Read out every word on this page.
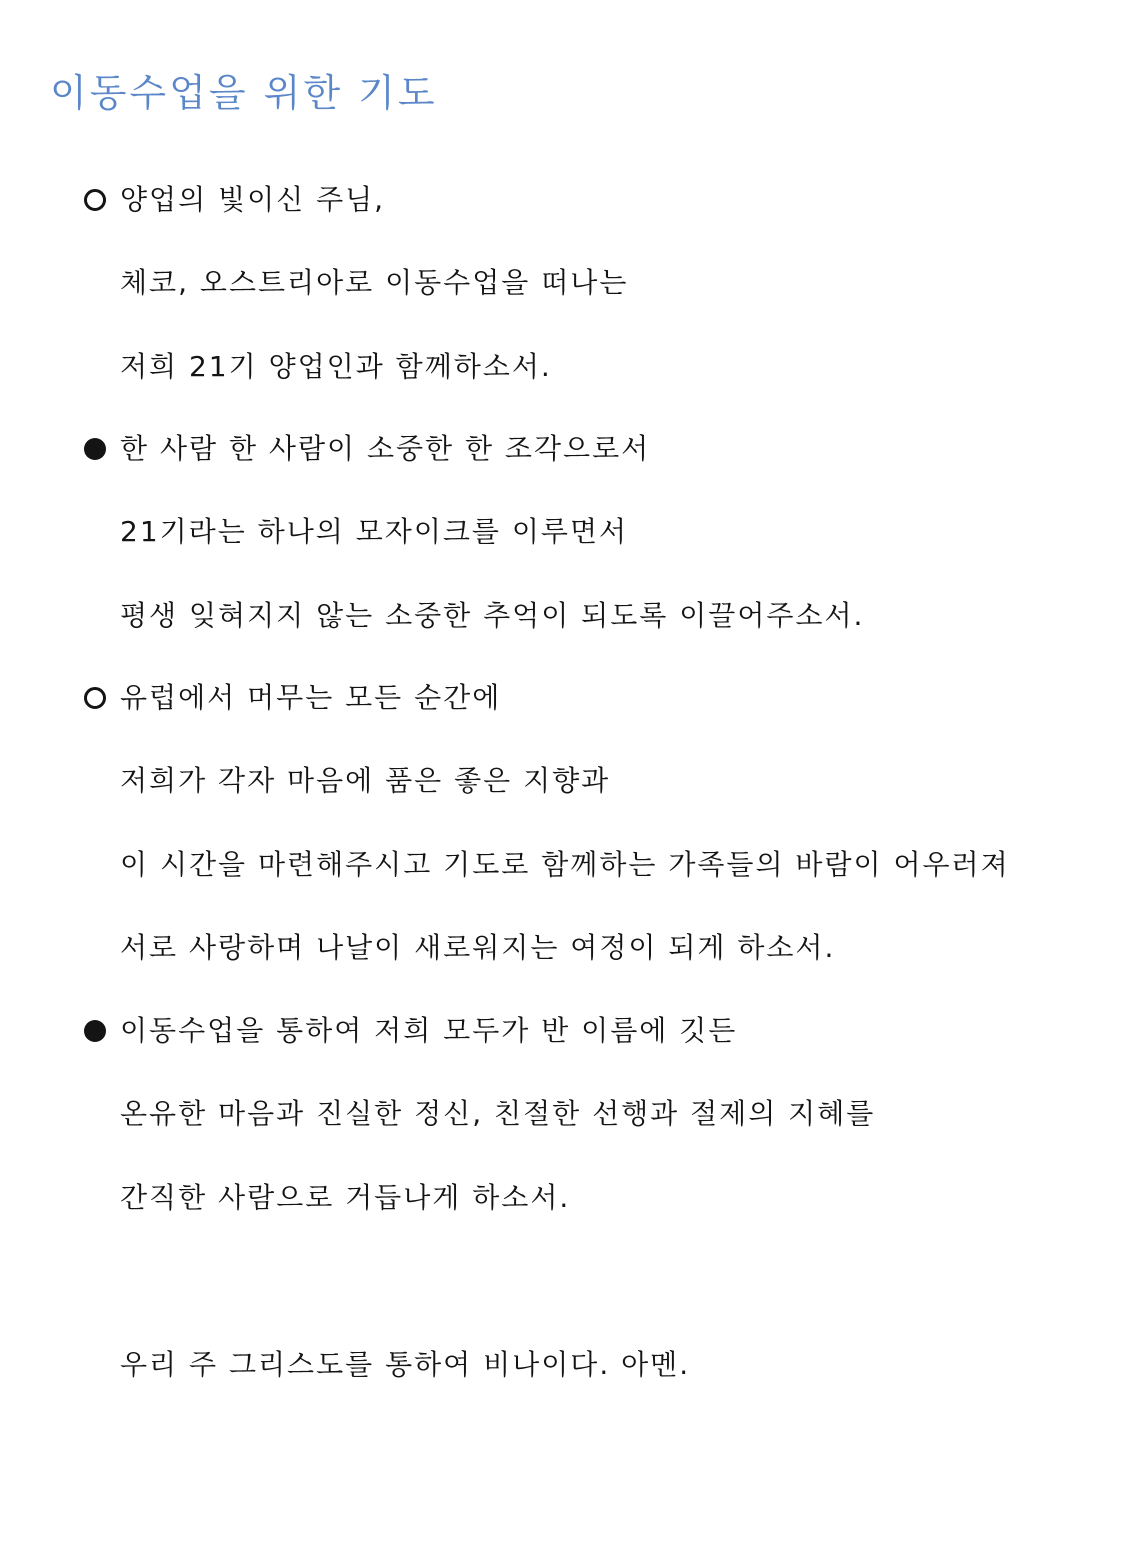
이동수업을 위한 기도
양업의 빛이신 주님,
체코, 오스트리아로 이동수업을 떠나는
저희 21기 양업인과 함께하소서.
한 사람 한 사람이 소중한 한 조각으로서
21기라는 하나의 모자이크를 이루면서
평생 잊혀지지 않는 소중한 추억이 되도록 이끌어주소서.
유럽에서 머무는 모든 순간에
저희가 각자 마음에 품은 좋은 지향과
이 시간을 마련해주시고 기도로 함께하는 가족들의 바람이 어우러져
서로 사랑하며 나날이 새로워지는 여정이 되게 하소서.
이동수업을 통하여 저희 모두가 반 이름에 깃든
온유한 마음과 진실한 정신, 친절한 선행과 절제의 지혜를
간직한 사람으로 거듭나게 하소서.
우리 주 그리스도를 통하여 비나이다. 아멘.
